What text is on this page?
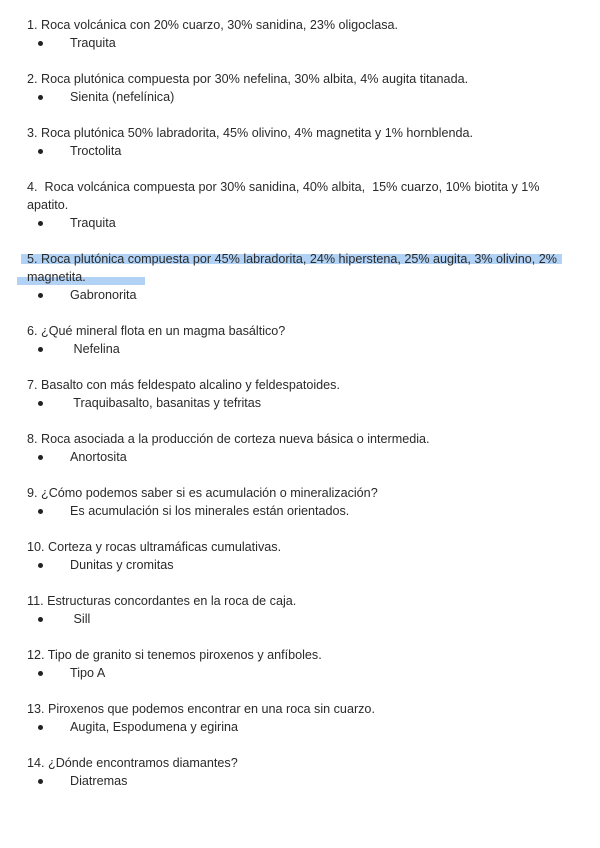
1. Roca volcánica con 20% cuarzo, 30% sanidina, 23% oligoclasa.
Traquita
2. Roca plutónica compuesta por 30% nefelina, 30% albita, 4% augita titanada.
Sienita (nefelínica)
3. Roca plutónica 50% labradorita, 45% olivino, 4% magnetita y 1% hornblenda.
Troctolita
4.  Roca volcánica compuesta por 30% sanidina, 40% albita,  15% cuarzo, 10% biotita y 1% apatito.
Traquita
5. Roca plutónica compuesta por 45% labradorita, 24% hiperstena, 25% augita, 3% olivino, 2% magnetita.
Gabronorita
6. ¿Qué mineral flota en un magma basáltico?
Nefelina
7. Basalto con más feldespato alcalino y feldespatoides.
Traquibasalto, basanitas y tefritas
8. Roca asociada a la producción de corteza nueva básica o intermedia.
Anortosita
9. ¿Cómo podemos saber si es acumulación o mineralización?
Es acumulación si los minerales están orientados.
10. Corteza y rocas ultramáficas cumulativas.
Dunitas y cromitas
11. Estructuras concordantes en la roca de caja.
Sill
12. Tipo de granito si tenemos piroxenos y anfíboles.
Tipo A
13. Piroxenos que podemos encontrar en una roca sin cuarzo.
Augita, Espodumena y egirina
14. ¿Dónde encontramos diamantes?
Diatremas
